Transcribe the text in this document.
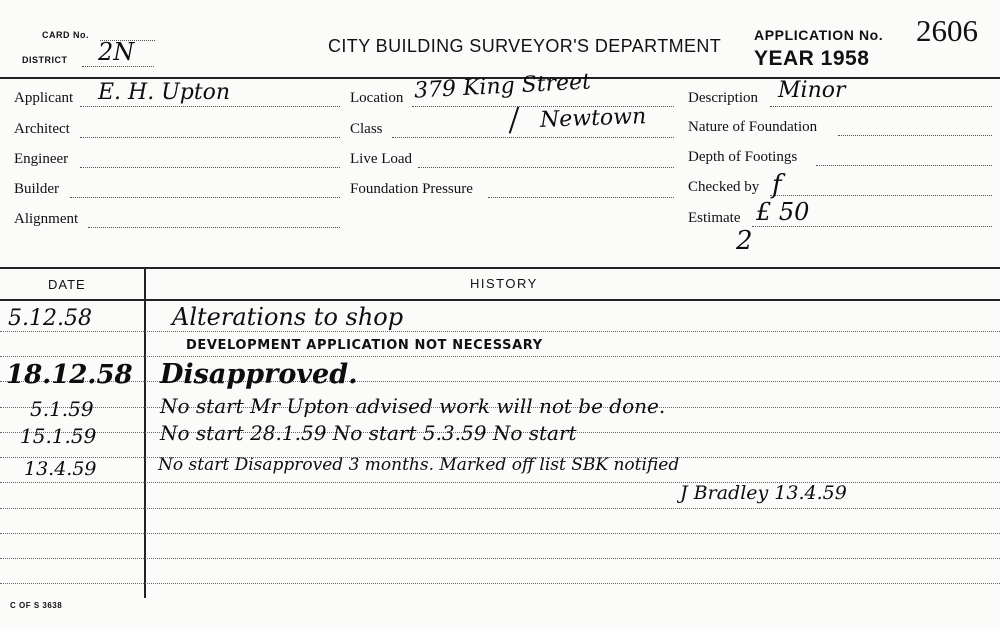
CARD No.
DISTRICT 2N	CITY BUILDING SURVEYOR'S DEPARTMENT
APPLICATION No. 2606
YEAR 1958
Applicant E. H. Upton
Architect
Engineer
Builder
Alignment
Location 379 King Street
Class	Newtown
Live Load
Foundation Pressure
Description Minor
Nature of Foundation
Depth of Footings
Checked by f
Estimate £ 50
2
DATE	HISTORY
5.12.58	Alterations to shop
DEVELOPMENT APPLICATION NOT NECESSARY
18.12.58 Disapproved.
5.1.59	No start Mr Upton advised work will not be done.
15.1.59	No start 28.1.59 No start 5.3.59 No start
13.4.59	No start Disapproved 3 months. Marked off list SBK notified
J Bradley 13.4.59
C OF S 3638
